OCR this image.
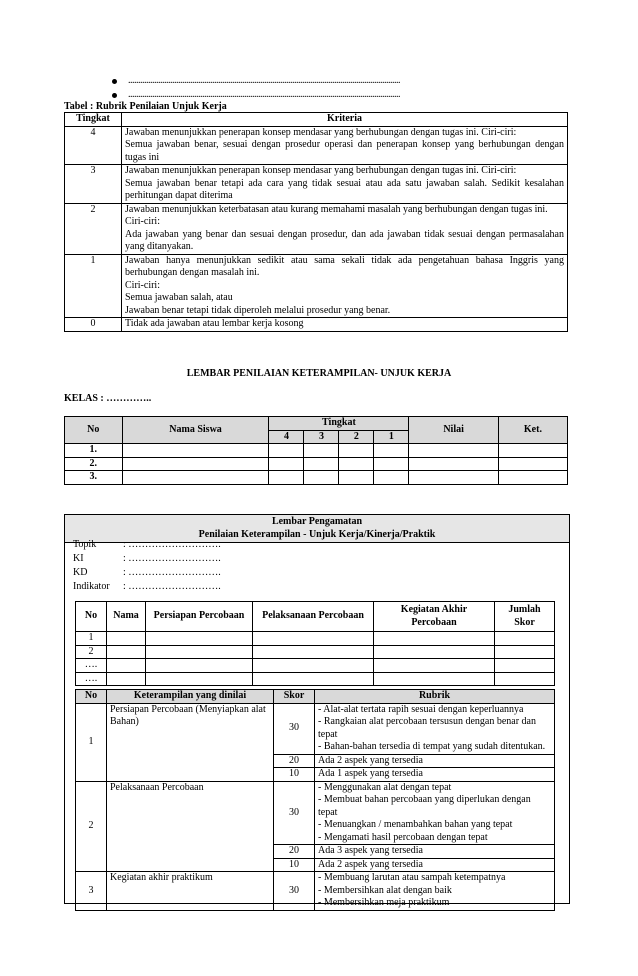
........................................................................................................................................
........................................................................................................................................
Tabel : Rubrik Penilaian Unjuk Kerja
Tingkat	Kriteria
4	Jawaban menunjukkan penerapan konsep mendasar yang berhubungan dengan tugas ini. Ciri-ciri:
Semua jawaban benar, sesuai dengan prosedur operasi dan penerapan konsep yang berhubungan dengan tugas ini

3	Jawaban menunjukkan penerapan konsep mendasar yang berhubungan dengan tugas ini. Ciri-ciri:
Semua jawaban benar tetapi ada cara yang tidak sesuai atau ada satu jawaban salah. Sedikit kesalahan perhitungan dapat diterima

2	Jawaban menunjukkan keterbatasan atau kurang memahami masalah yang berhubungan dengan tugas ini.
Ciri-ciri:
Ada jawaban yang benar dan sesuai dengan prosedur, dan ada jawaban tidak sesuai dengan permasalahan yang ditanyakan.

1	Jawaban hanya menunjukkan sedikit atau sama sekali tidak ada pengetahuan bahasa Inggris yang berhubungan dengan masalah ini.
Ciri-ciri:
Semua jawaban salah, atau
Jawaban benar tetapi tidak diperoleh melalui prosedur yang benar.

0	Tidak ada jawaban atau lembar kerja kosong
LEMBAR PENILAIAN KETERAMPILAN- UNJUK KERJA
KELAS : …………..
No	Nama Siswa	Tingkat				Nilai	Ket.
		4	3	2	1		
1.							
2.							
3.							
Lembar Pengamatan
Penilaian Keterampilan - Unjuk Kerja/Kinerja/Praktik
Topik	: ……………………….
KI	: ……………………….
KD	: ……………………….
Indikator	: ……………………….
No	Nama	Persiapan Percobaan	Pelaksanaan Percobaan	Kegiatan Akhir Percobaan	Jumlah Skor
1					
2					
….					
….					
No	Keterampilan yang dinilai	Skor	Rubrik
1	Persiapan Percobaan (Menyiapkan alat Bahan)	30	- Alat-alat tertata rapih sesuai dengan keperluannya
- Rangkaian alat percobaan tersusun dengan benar dan tepat
- Bahan-bahan tersedia di tempat yang sudah ditentukan.

		20	Ada 2 aspek yang tersedia
		10	Ada 1 aspek yang tersedia
2	Pelaksanaan Percobaan	30	- Menggunakan alat dengan tepat
- Membuat bahan percobaan yang diperlukan dengan tepat
- Menuangkan / menambahkan bahan yang tepat
- Mengamati hasil percobaan dengan tepat

		20	Ada 3 aspek yang tersedia
		10	Ada 2 aspek yang tersedia
3	Kegiatan akhir praktikum	30	- Membuang larutan atau sampah ketempatnya
- Membersihkan alat dengan baik
- Membersihkan meja praktikum
